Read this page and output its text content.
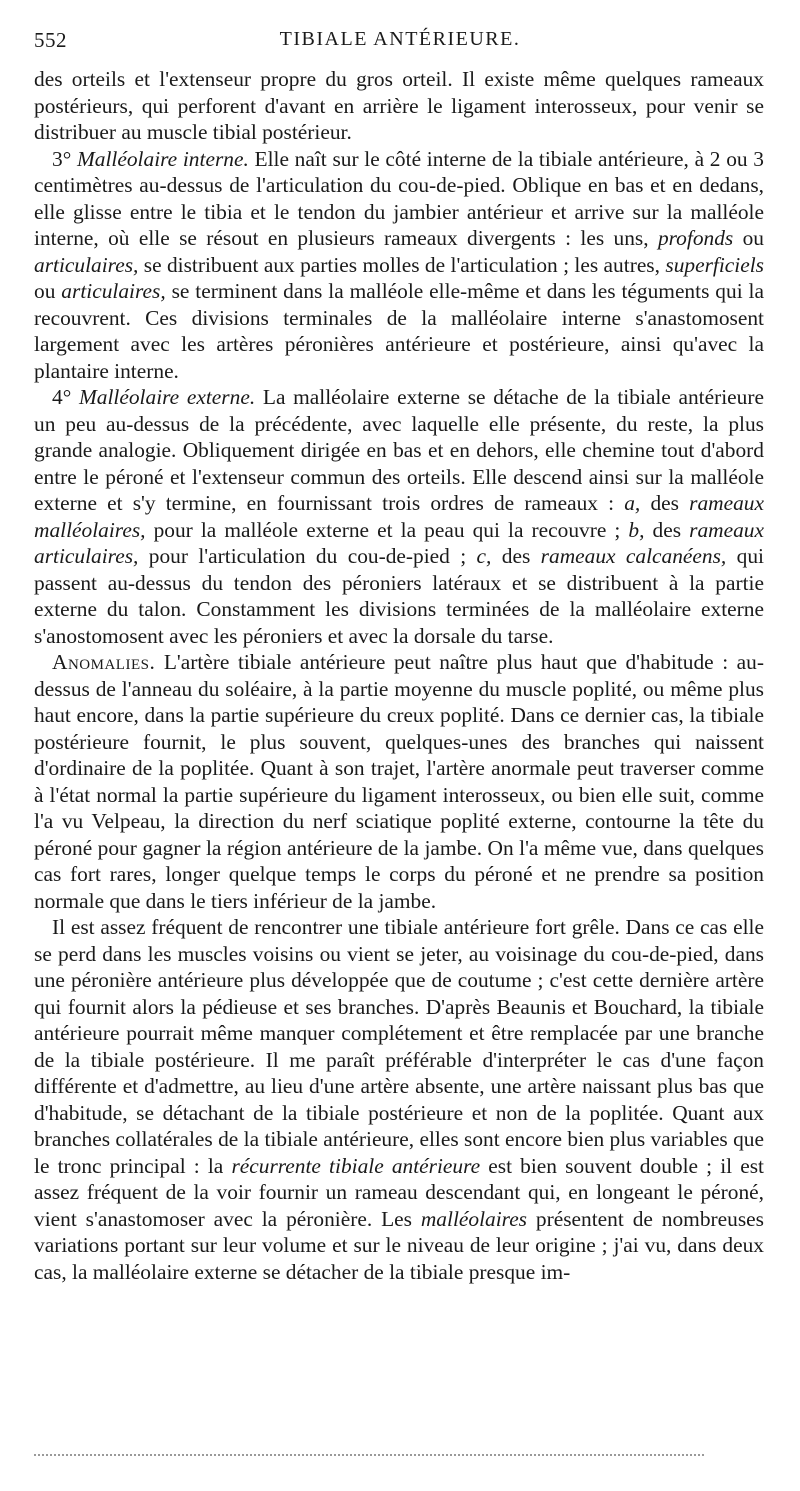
552	TIBIALE ANTÉRIEURE.

des orteils et l'extenseur propre du gros orteil. Il existe même quelques rameaux postérieurs, qui perforent d'avant en arrière le ligament interosseux, pour venir se distribuer au muscle tibial postérieur.

3° Malléolaire interne. Elle naît sur le côté interne de la tibiale antérieure, à 2 ou 3 centimètres au-dessus de l'articulation du cou-de-pied. Oblique en bas et en dedans, elle glisse entre le tibia et le tendon du jambier antérieur et arrive sur la malléole interne, où elle se résout en plusieurs rameaux divergents : les uns, profonds ou articulaires, se distribuent aux parties molles de l'articulation ; les autres, superficiels ou articulaires, se terminent dans la malléole elle-même et dans les téguments qui la recouvrent. Ces divisions terminales de la malléolaire interne s'anastomosent largement avec les artères péronières antérieure et postérieure, ainsi qu'avec la plantaire interne.

4° Malléolaire externe. La malléolaire externe se détache de la tibiale antérieure un peu au-dessus de la précédente, avec laquelle elle présente, du reste, la plus grande analogie. Obliquement dirigée en bas et en dehors, elle chemine tout d'abord entre le péroné et l'extenseur commun des orteils. Elle descend ainsi sur la malléole externe et s'y termine, en fournissant trois ordres de rameaux : a, des rameaux malléolaires, pour la malléole externe et la peau qui la recouvre ; b, des rameaux articulaires, pour l'articulation du cou-de-pied ; c, des rameaux calcanéens, qui passent au-dessus du tendon des péroniers latéraux et se distribuent à la partie externe du talon. Constamment les divisions terminées de la malléolaire externe s'anostomosent avec les péroniers et avec la dorsale du tarse.

Anomalies. L'artère tibiale antérieure peut naître plus haut que d'habitude : au-dessus de l'anneau du soléaire, à la partie moyenne du muscle poplité, ou même plus haut encore, dans la partie supérieure du creux poplité. Dans ce dernier cas, la tibiale postérieure fournit, le plus souvent, quelques-unes des branches qui naissent d'ordinaire de la poplitée. Quant à son trajet, l'artère anormale peut traverser comme à l'état normal la partie supérieure du ligament interosseux, ou bien elle suit, comme l'a vu Velpeau, la direction du nerf sciatique poplité externe, contourne la tête du péroné pour gagner la région antérieure de la jambe. On l'a même vue, dans quelques cas fort rares, longer quelque temps le corps du péroné et ne prendre sa position normale que dans le tiers inférieur de la jambe.

Il est assez fréquent de rencontrer une tibiale antérieure fort grêle. Dans ce cas elle se perd dans les muscles voisins ou vient se jeter, au voisinage du cou-de-pied, dans une péronière antérieure plus développée que de coutume ; c'est cette dernière artère qui fournit alors la pédieuse et ses branches. D'après Beaunis et Bouchard, la tibiale antérieure pourrait même manquer complétement et être remplacée par une branche de la tibiale postérieure. Il me paraît préférable d'interpréter le cas d'une façon différente et d'admettre, au lieu d'une artère absente, une artère naissant plus bas que d'habitude, se détachant de la tibiale postérieure et non de la poplitée. Quant aux branches collatérales de la tibiale antérieure, elles sont encore bien plus variables que le tronc principal : la récurrente tibiale antérieure est bien souvent double ; il est assez fréquent de la voir fournir un rameau descendant qui, en longeant le péroné, vient s'anastomoser avec la péronière. Les malléolaires présentent de nombreuses variations portant sur leur volume et sur le niveau de leur origine ; j'ai vu, dans deux cas, la malléolaire externe se détacher de la tibiale presque im-
